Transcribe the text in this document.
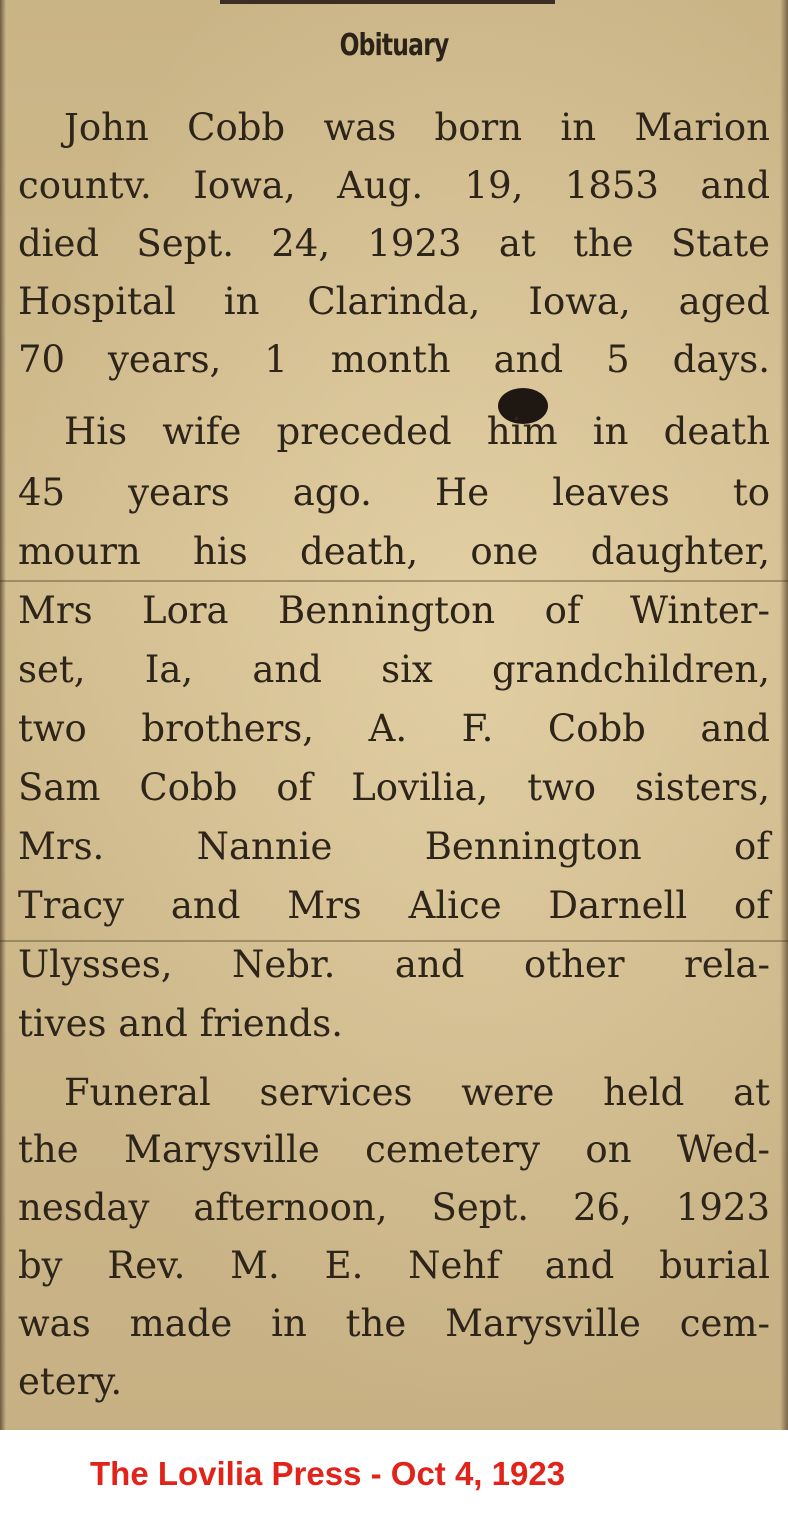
Obituary
John Cobb was born in Marion
countv. Iowa, Aug. 19, 1853 and
died Sept. 24, 1923 at the State
Hospital in Clarinda, Iowa, aged
70 years, 1 month and 5 days.
His wife preceded him in death
45 years ago. He leaves to
mourn his death, one daughter,
Mrs Lora Bennington of Winter-
set, Ia, and six grandchildren,
two brothers, A. F. Cobb and
Sam Cobb of Lovilia, two sisters,
Mrs. Nannie Bennington of
Tracy and Mrs Alice Darnell of
Ulysses, Nebr. and other rela-
tives and friends.
Funeral services were held at
the Marysville cemetery on Wed-
nesday afternoon, Sept. 26, 1923
by Rev. M. E. Nehf and burial
was made in the Marysville cem-
etery.
The Lovilia Press - Oct 4, 1923
